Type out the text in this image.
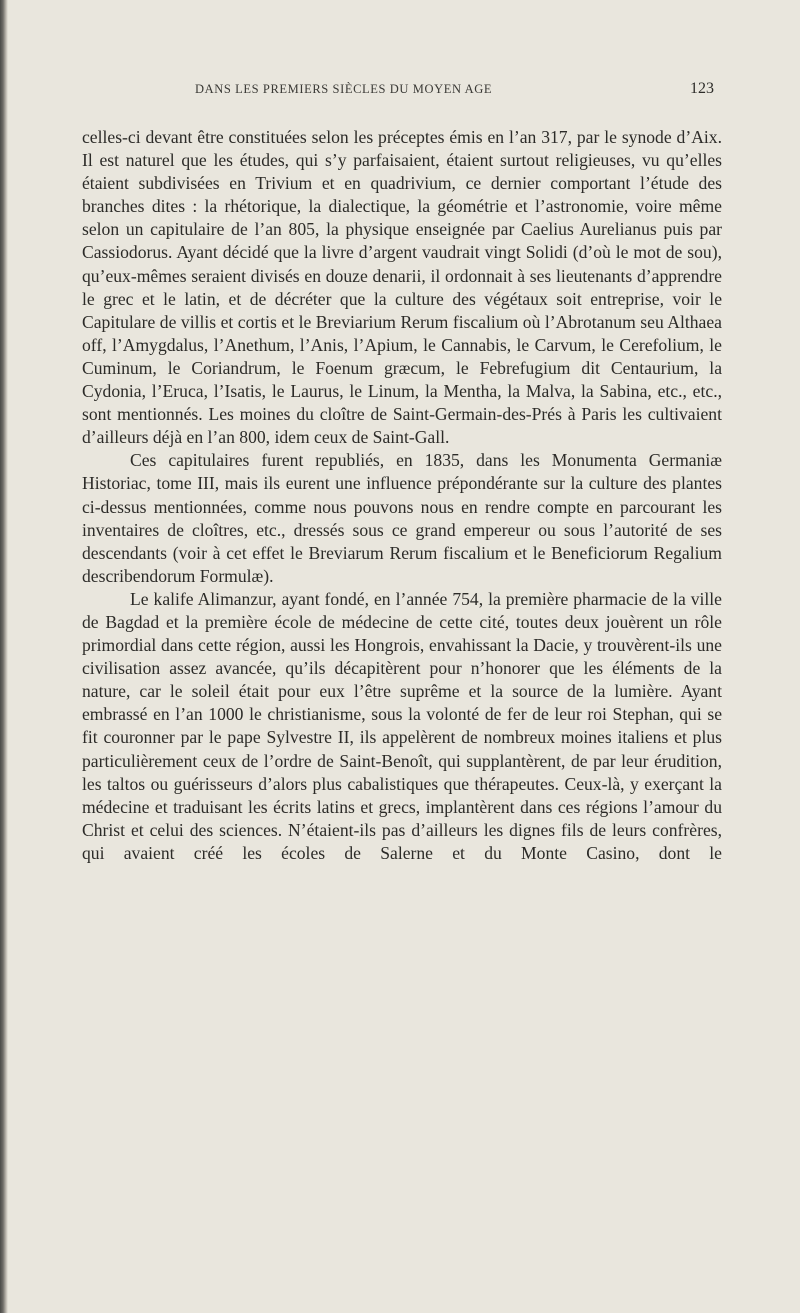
DANS LES PREMIERS SIÈCLES DU MOYEN AGE	123

celles-ci devant être constituées selon les préceptes émis en l’an 317, par le synode d’Aix. Il est naturel que les études, qui s’y parfaisaient, étaient surtout religieuses, vu qu’elles étaient subdivisées en Trivium et en quadrivium, ce dernier comportant l’étude des branches dites : la rhétorique, la dialectique, la géométrie et l’astronomie, voire même selon un capitulaire de l’an 805, la physique enseignée par Caelius Aurelianus puis par Cassiodorus. Ayant décidé que la livre d’argent vaudrait vingt Solidi (d’où le mot de sou), qu’eux-mêmes seraient divisés en douze denarii, il ordonnait à ses lieutenants d’apprendre le grec et le latin, et de décréter que la culture des végétaux soit entreprise, voir le Capitulare de villis et cortis et le Breviarium Rerum fiscalium où l’Abrotanum seu Althaea off, l’Amygdalus, l’Anethum, l’Anis, l’Apium, le Cannabis, le Carvum, le Cerefolium, le Cuminum, le Coriandrum, le Foenum græcum, le Febrefugium dit Centaurium, la Cydonia, l’Eruca, l’Isatis, le Laurus, le Linum, la Mentha, la Malva, la Sabina, etc., etc., sont mentionnés. Les moines du cloître de Saint-Germain-des-Prés à Paris les cultivaient d’ailleurs déjà en l’an 800, idem ceux de Saint-Gall.

Ces capitulaires furent republiés, en 1835, dans les Monumenta Germaniæ Historiac, tome III, mais ils eurent une influence prépondérante sur la culture des plantes ci-dessus mentionnées, comme nous pouvons nous en rendre compte en parcourant les inventaires de cloîtres, etc., dressés sous ce grand empereur ou sous l’autorité de ses descendants (voir à cet effet le Breviarum Rerum fiscalium et le Beneficiorum Regalium describendorum Formulæ).

Le kalife Alimanzur, ayant fondé, en l’année 754, la première pharmacie de la ville de Bagdad et la première école de médecine de cette cité, toutes deux jouèrent un rôle primordial dans cette région, aussi les Hongrois, envahissant la Dacie, y trouvèrent-ils une civilisation assez avancée, qu’ils décapitèrent pour n’honorer que les éléments de la nature, car le soleil était pour eux l’être suprême et la source de la lumière. Ayant embrassé en l’an 1000 le christianisme, sous la volonté de fer de leur roi Stephan, qui se fit couronner par le pape Sylvestre II, ils appelèrent de nombreux moines italiens et plus particulièrement ceux de l’ordre de Saint-Benoît, qui supplantèrent, de par leur érudition, les taltos ou guérisseurs d’alors plus cabalistiques que thérapeutes. Ceux-là, y exerçant la médecine et traduisant les écrits latins et grecs, implantèrent dans ces régions l’amour du Christ et celui des sciences. N’étaient-ils pas d’ailleurs les dignes fils de leurs confrères, qui avaient créé les écoles de Salerne et du Monte Casino, dont le
